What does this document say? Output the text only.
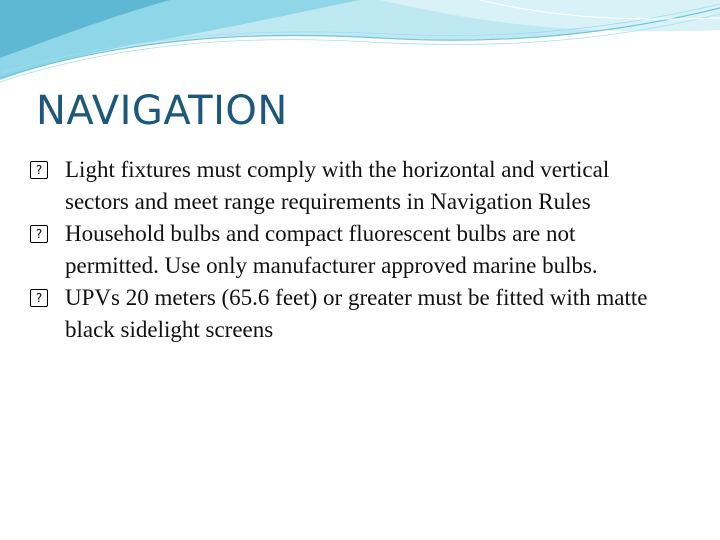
NAVIGATION
? Light fixtures must comply with the horizontal and vertical sectors and meet range requirements in Navigation Rules
? Household bulbs and compact fluorescent bulbs are not permitted. Use only manufacturer approved marine bulbs.
? UPVs 20 meters (65.6 feet) or greater must be fitted with matte black sidelight screens
